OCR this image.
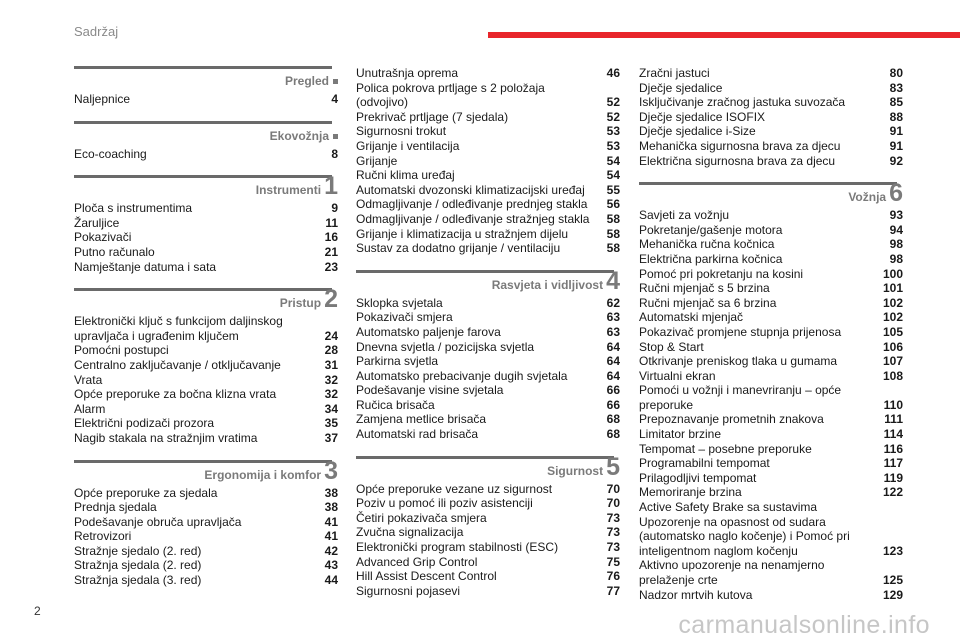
Sadržaj
Pregled
Naljepnice	4
Ekovožnja
Eco-coaching	8
Instrumenti 1
Ploča s instrumentima	9
Žaruljice	11
Pokazivači	16
Putno računalo	21
Namještanje datuma i sata	23
Pristup 2
Elektronički ključ s funkcijom daljinskog upravljača i ugrađenim ključem	24
Pomoćni postupci	28
Centralno zaključavanje / otključavanje	31
Vrata	32
Opće preporuke za bočna klizna vrata	32
Alarm	34
Električni podizači prozora	35
Nagib stakala na stražnjim vratima	37
Ergonomija i komfor 3
Opće preporuke za sjedala	38
Prednja sjedala	38
Podešavanje obruča upravljača	41
Retrovizori	41
Stražnje sjedalo (2. red)	42
Stražnja sjedala (2. red)	43
Stražnja sjedala (3. red)	44
Unutrašnja oprema	46
Polica pokrova prtljage s 2 položaja (odvojivo)	52
Prekrivač prtljage (7 sjedala)	52
Sigurnosni trokut	53
Grijanje i ventilacija	53
Grijanje	54
Ručni klima uređaj	54
Automatski dvozonski klimatizacijski uređaj	55
Odmagljivanje / odleđivanje prednjeg stakla	56
Odmagljivanje / odleđivanje stražnjeg stakla	58
Grijanje i klimatizacija u stražnjem dijelu	58
Sustav za dodatno grijanje / ventilaciju	58
Rasvjeta i vidljivost 4
Sklopka svjetala	62
Pokazivači smjera	63
Automatsko paljenje farova	63
Dnevna svjetla / pozicijska svjetla	64
Parkirna svjetla	64
Automatsko prebacivanje dugih svjetala	64
Podešavanje visine svjetala	66
Ručica brisača	66
Zamjena metlice brisača	68
Automatski rad brisača	68
Sigurnost 5
Opće preporuke vezane uz sigurnost	70
Poziv u pomoć ili poziv asistenciji	70
Četiri pokazivača smjera	73
Zvučna signalizacija	73
Elektronički program stabilnosti (ESC)	73
Advanced Grip Control	75
Hill Assist Descent Control	76
Sigurnosni pojasevi	77
Zračni jastuci	80
Dječje sjedalice	83
Isključivanje zračnog jastuka suvozača	85
Dječje sjedalice ISOFIX	88
Dječje sjedalice i-Size	91
Mehanička sigurnosna brava za djecu	91
Električna sigurnosna brava za djecu	92
Vožnja 6
Savjeti za vožnju	93
Pokretanje/gašenje motora	94
Mehanička ručna kočnica	98
Električna parkirna kočnica	98
Pomoć pri pokretanju na kosini	100
Ručni mjenjač s 5 brzina	101
Ručni mjenjač sa 6 brzina	102
Automatski mjenjač	102
Pokazivač promjene stupnja prijenosa	105
Stop & Start	106
Otkrivanje preniskog tlaka u gumama	107
Virtualni ekran	108
Pomoći u vožnji i manevriranju – opće preporuke	110
Prepoznavanje prometnih znakova	111
Limitator brzine	114
Tempomat – posebne preporuke	116
Programabilni tempomat	117
Prilagodljivi tempomat	119
Memoriranje brzina	122
Active Safety Brake sa sustavima Upozorenje na opasnost od sudara (automatsko naglo kočenje) i Pomoć pri inteligentnom naglom kočenju	123
Aktivno upozorenje na nenamjerno prelaženje crte	125
Nadzor mrtvih kutova	129
2	carmanualsonline.info
